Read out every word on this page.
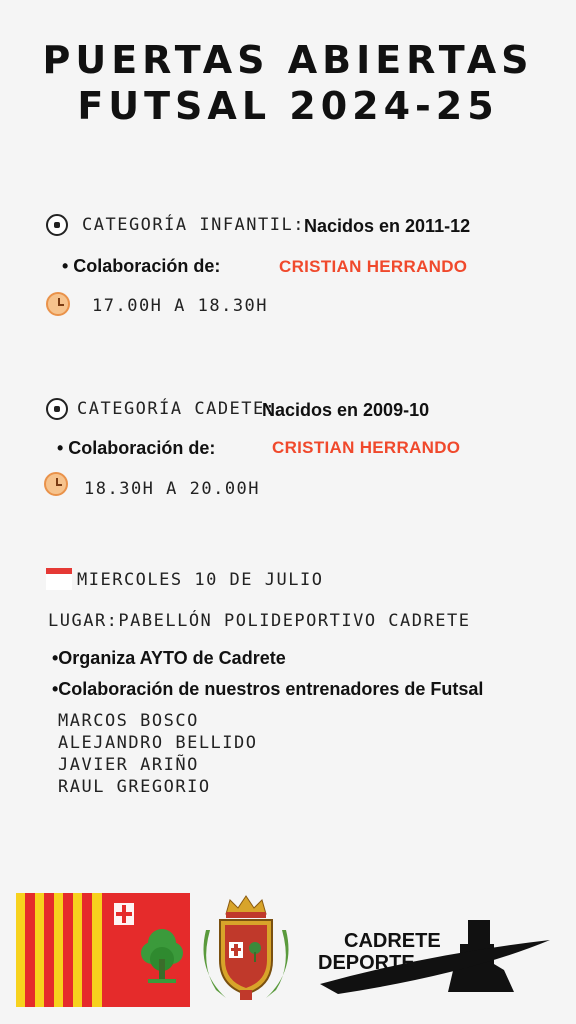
PUERTAS ABIERTAS
FUTSAL 2024-25
CATEGORÍA INFANTIL: Nacidos en 2011-12
• Colaboración de:	CRISTIAN HERRANDO
17.00H A 18.30H
CATEGORÍA CADETE:
Nacidos en 2009-10
• Colaboración de:	CRISTIAN HERRANDO
18.30H A 20.00H
MIERCOLES 10 DE JULIO
LUGAR:PABELLÓN POLIDEPORTIVO CADRETE
•Organiza AYTO de Cadrete
•Colaboración de nuestros entrenadores de Futsal
MARCOS BOSCO
ALEJANDRO BELLIDO
JAVIER ARIÑO
RAUL GREGORIO
CADRETE
DEPORTE
